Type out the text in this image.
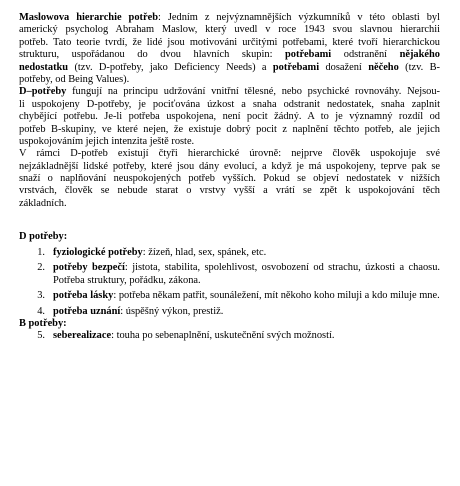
Maslowova hierarchie potřeb: Jedním z nejvýznamnějších výzkumníků v této oblasti byl
americký psycholog Abraham Maslow, který uvedl v roce 1943 svou slavnou hierarchii
potřeb. Tato teorie tvrdí, že lidé jsou motivováni určitými potřebami, které tvoří hierarchickou
strukturu, uspořádanou do dvou hlavních skupin: potřebami odstranění nějakého
nedostatku (tzv. D-potřeby, jako Deficiency Needs) a potřebami dosažení něčeho (tzv. B-
potřeby, od Being Values).
D–potřeby fungují na principu udržování vnitřní tělesné, nebo psychické rovnováhy. Nejsou-
li uspokojeny D-potřeby, je pociťována úzkost a snaha odstranit nedostatek, snaha zaplnit
chybějící potřebu. Je-li potřeba uspokojena, není pocit žádný. A to je významný rozdíl od
potřeb B-skupiny, ve které nejen, že existuje dobrý pocit z naplnění těchto potřeb, ale jejich
uspokojováním jejich intenzita ještě roste.
V rámci D-potřeb existují čtyři hierarchické úrovně: nejprve člověk uspokojuje své
nejzákladnější lidské potřeby, které jsou dány evolucí, a když je má uspokojeny, teprve pak se
snaží o naplňování neuspokojených potřeb vyšších. Pokud se objeví nedostatek v nižších
vrstvách, člověk se nebude starat o vrstvy vyšší a vrátí se zpět k uspokojování těch
základních.
D potřeby:
1. fyziologické potřeby: žízeň, hlad, sex, spánek, etc.
2. potřeby bezpečí: jistota, stabilita, spolehlivost, osvobození od strachu, úzkosti a chaosu. Potřeba struktury, pořádku, zákona.
3. potřeba lásky: potřeba někam patřit, sounáležení, mít někoho koho miluji a kdo miluje mne.
4. potřeba uznání: úspěšný výkon, prestiž.
B potřeby:
5. seberealizace: touha po sebenaplnění, uskutečnění svých možností.
